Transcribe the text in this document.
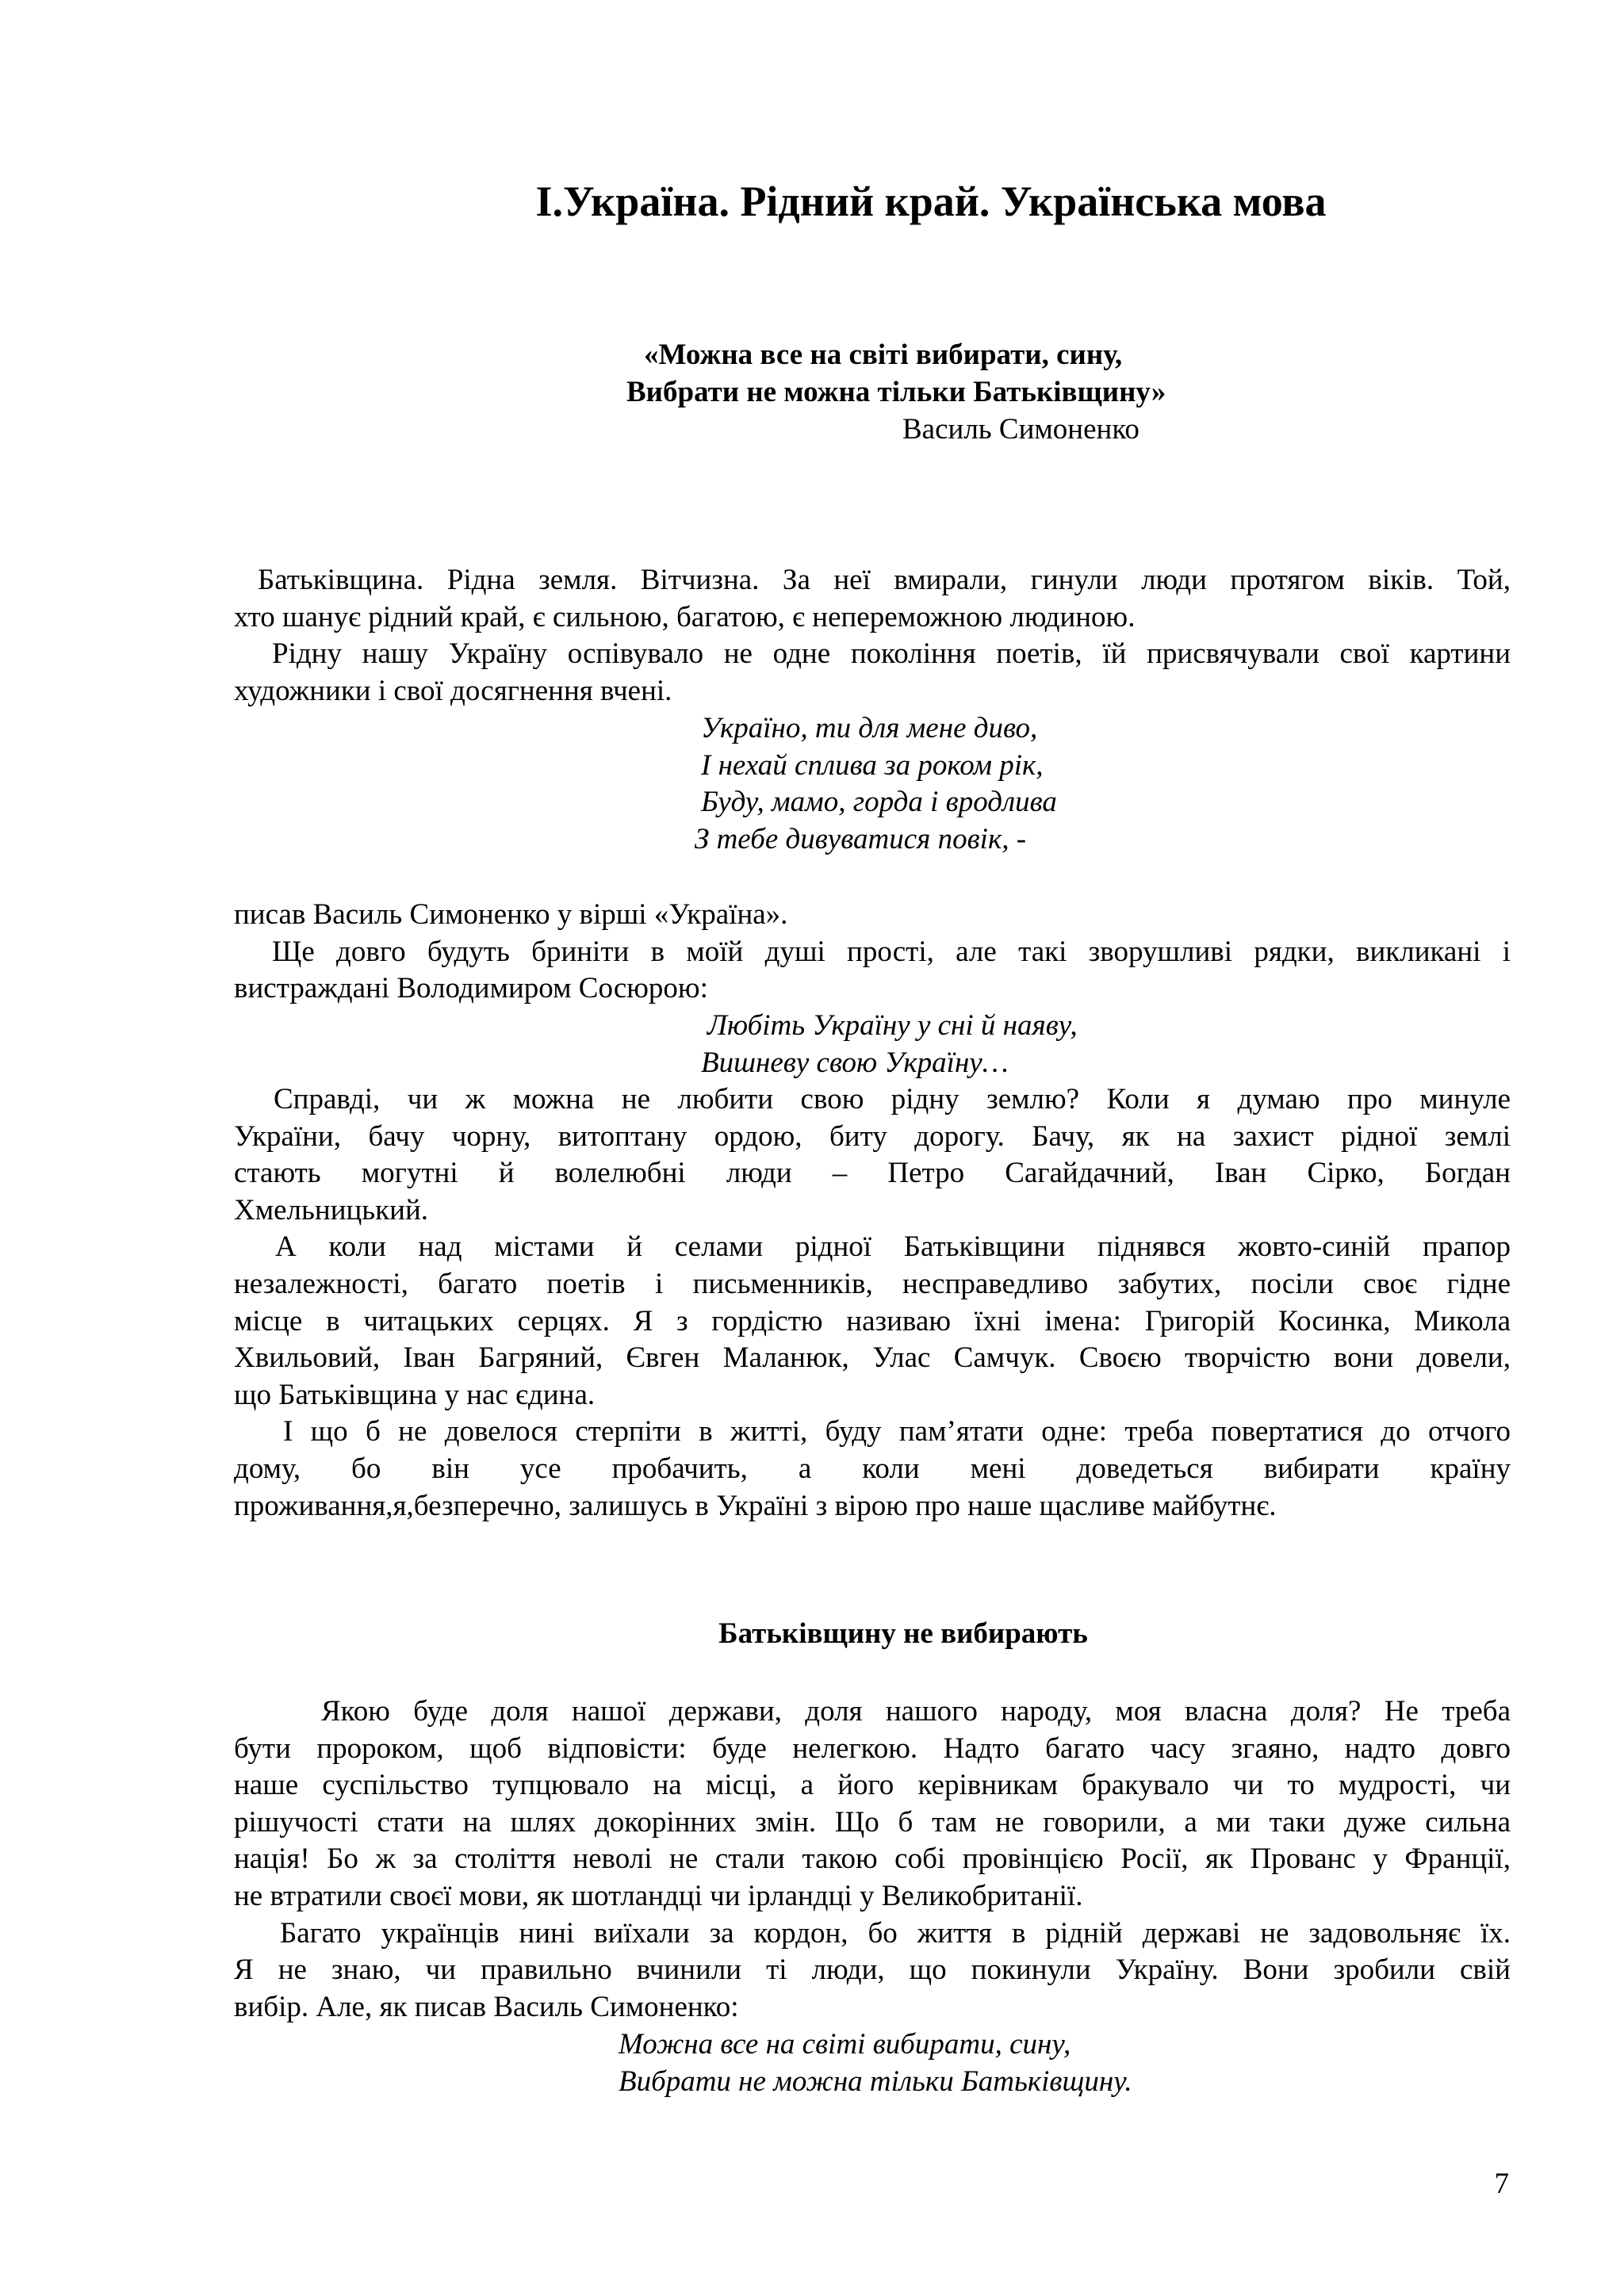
I.Україна. Рідний край. Українська мова
«Можна все на світі вибирати, сину,
Вибрати не можна тільки Батьківщину»
Василь Симоненко

Батьківщина. Рідна земля. Вітчизна. За неї вмирали, гинули люди протягом віків. Той,

хто шанує рідний край, є сильною, багатою, є непереможною людиною.

Рідну нашу Україну оспівувало не одне покоління поетів, їй присвячували свої картини

художники і свої досягнення вчені.

Україно, ти для мене диво,
І нехай сплива за роком рік,
Буду, мамо, горда і вродлива
З тебе дивуватися повік, -

писав Василь Симоненко у вірші «Україна».

Ще довго будуть бриніти в моїй душі прості, але такі зворушливі рядки, викликані і

вистраждані Володимиром Сосюрою:

Любіть Україну у сні й наяву,
Вишневу свою Україну…

Справді, чи ж можна не любити свою рідну землю? Коли я думаю про минуле

України, бачу чорну, витоптану ордою, биту дорогу. Бачу, як на захист рідної землі

стають могутні й волелюбні люди – Петро Сагайдачний, Іван Сірко, Богдан

Хмельницький.

А коли над містами й селами рідної Батьківщини піднявся жовто-синій прапор

незалежності, багато поетів і письменників, несправедливо забутих, посіли своє гідне

місце в читацьких серцях. Я з гордістю називаю їхні імена: Григорій Косинка, Микола

Хвильовий, Іван Багряний, Євген Маланюк, Улас Самчук. Своєю творчістю вони довели,

що Батьківщина у нас єдина.

І що б не довелося стерпіти в житті, буду пам’ятати одне: треба повертатися до отчого

дому, бо він усе пробачить, а коли мені доведеться вибирати країну

проживання,я,безперечно, залишусь в Україні з вірою про наше щасливе майбутнє.

Батьківщину не вибирають

Якою буде доля нашої держави, доля нашого народу, моя власна доля? Не треба

бути пророком, щоб відповісти: буде нелегкою. Надто багато часу згаяно, надто довго

наше суспільство тупцювало на місці, а його керівникам бракувало чи то мудрості, чи

рішучості стати на шлях докорінних змін. Що б там не говорили, а ми таки дуже сильна

нація! Бо ж за століття неволі не стали такою собі провінцією Росії, як Прованс у Франції,

не втратили своєї мови, як шотландці чи ірландці у Великобританії.

Багато українців нині виїхали за кордон, бо життя в рідній державі не задовольняє їх.

Я не знаю, чи правильно вчинили ті люди, що покинули Україну. Вони зробили свій

вибір. Але, як писав Василь Симоненко:

Можна все на світі вибирати, сину,
Вибрати не можна тільки Батьківщину.
7
